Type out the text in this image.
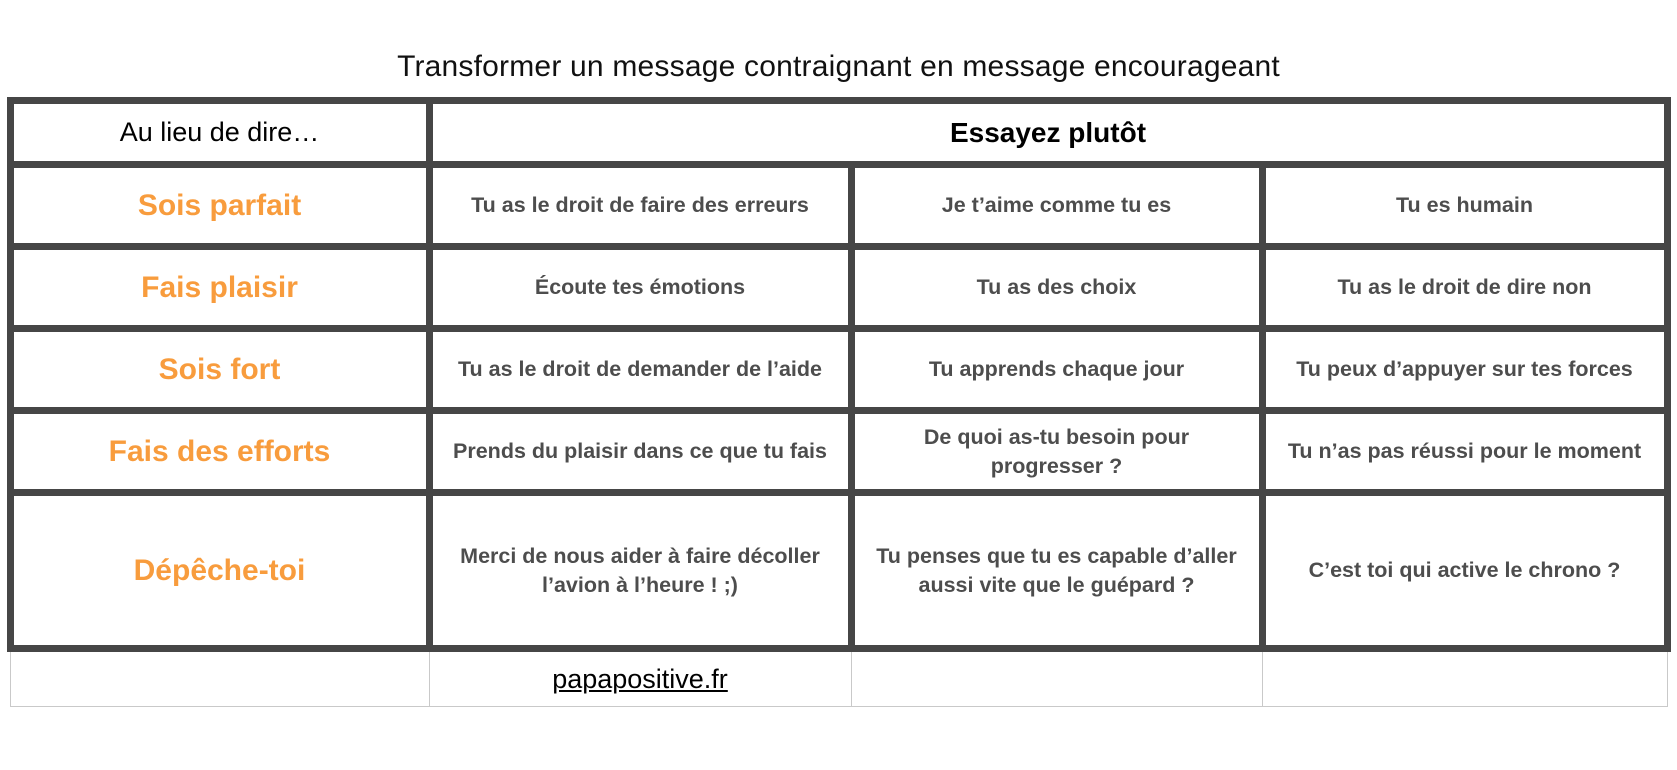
Transformer un message contraignant en message encourageant
Au lieu de dire…	Essayez plutôt		
Sois parfait	Tu as le droit de faire des erreurs	Je t’aime comme tu es	Tu es humain
Fais plaisir	Écoute tes émotions	Tu as des choix	Tu as le droit de dire non
Sois fort	Tu as le droit de demander de l’aide	Tu apprends chaque jour	Tu peux d’appuyer sur tes forces
Fais des efforts	Prends du plaisir dans ce que tu fais	De quoi as-tu besoin pour progresser ?	Tu n’as pas réussi pour le moment
Dépêche-toi	Merci de nous aider à faire décoller l’avion à l’heure ! ;)	Tu penses que tu es capable d’aller aussi vite que le guépard ?	C’est toi qui active le chrono ?
	papapositive.fr		
